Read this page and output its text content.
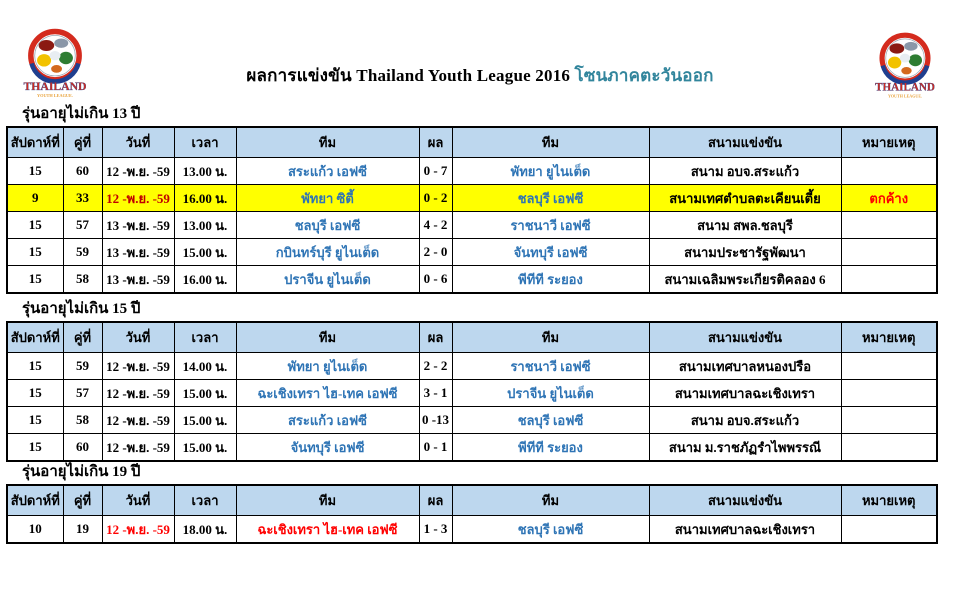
THAILAND
YOUTH LEAGUE.
THAILAND
YOUTH LEAGUE.
ผลการแข่งขัน Thailand Youth League 2016 โซนภาคตะวันออก
รุ่นอายุไม่เกิน 13 ปี
สัปดาห์ที่	คู่ที่	วันที่	เวลา	ทีม	ผล	ทีม	สนามแข่งขัน	หมายเหตุ
15	60	12 -พ.ย. -59	13.00 น.	สระแก้ว เอฟซี	0 - 7	พัทยา ยูไนเต็ด	สนาม อบจ.สระแก้ว	
9	33	12 -พ.ย. -59	16.00 น.	พัทยา ซิตี้	0 - 2	ชลบุรี เอฟซี	สนามเทศตำบลตะเคียนเตี้ย	ตกค้าง
15	57	13 -พ.ย. -59	13.00 น.	ชลบุรี เอฟซี	4 - 2	ราชนาวี เอฟซี	สนาม สพล.ชลบุรี	
15	59	13 -พ.ย. -59	15.00 น.	กบินทร์บุรี ยูไนเต็ด	2 - 0	จันทบุรี เอฟซี	สนามประชารัฐพัฒนา	
15	58	13 -พ.ย. -59	16.00 น.	ปราจีน ยูไนเต็ด	0 - 6	พีทีที ระยอง	สนามเฉลิมพระเกียรติคลอง 6	
รุ่นอายุไม่เกิน 15 ปี
สัปดาห์ที่	คู่ที่	วันที่	เวลา	ทีม	ผล	ทีม	สนามแข่งขัน	หมายเหตุ
15	59	12 -พ.ย. -59	14.00 น.	พัทยา ยูไนเต็ด	2 - 2	ราชนาวี เอฟซี	สนามเทศบาลหนองปรือ	
15	57	12 -พ.ย. -59	15.00 น.	ฉะเชิงเทรา ไฮ-เทค เอฟซี	3 - 1	ปราจีน ยูไนเต็ด	สนามเทศบาลฉะเชิงเทรา	
15	58	12 -พ.ย. -59	15.00 น.	สระแก้ว เอฟซี	0 -13	ชลบุรี เอฟซี	สนาม อบจ.สระแก้ว	
15	60	12 -พ.ย. -59	15.00 น.	จันทบุรี เอฟซี	0 - 1	พีทีที ระยอง	สนาม ม.ราชภัฏรำไพพรรณี	
รุ่นอายุไม่เกิน 19 ปี
สัปดาห์ที่	คู่ที่	วันที่	เวลา	ทีม	ผล	ทีม	สนามแข่งขัน	หมายเหตุ
10	19	12 -พ.ย. -59	18.00 น.	ฉะเชิงเทรา ไฮ-เทค เอฟซี	1 - 3	ชลบุรี เอฟซี	สนามเทศบาลฉะเชิงเทรา	
